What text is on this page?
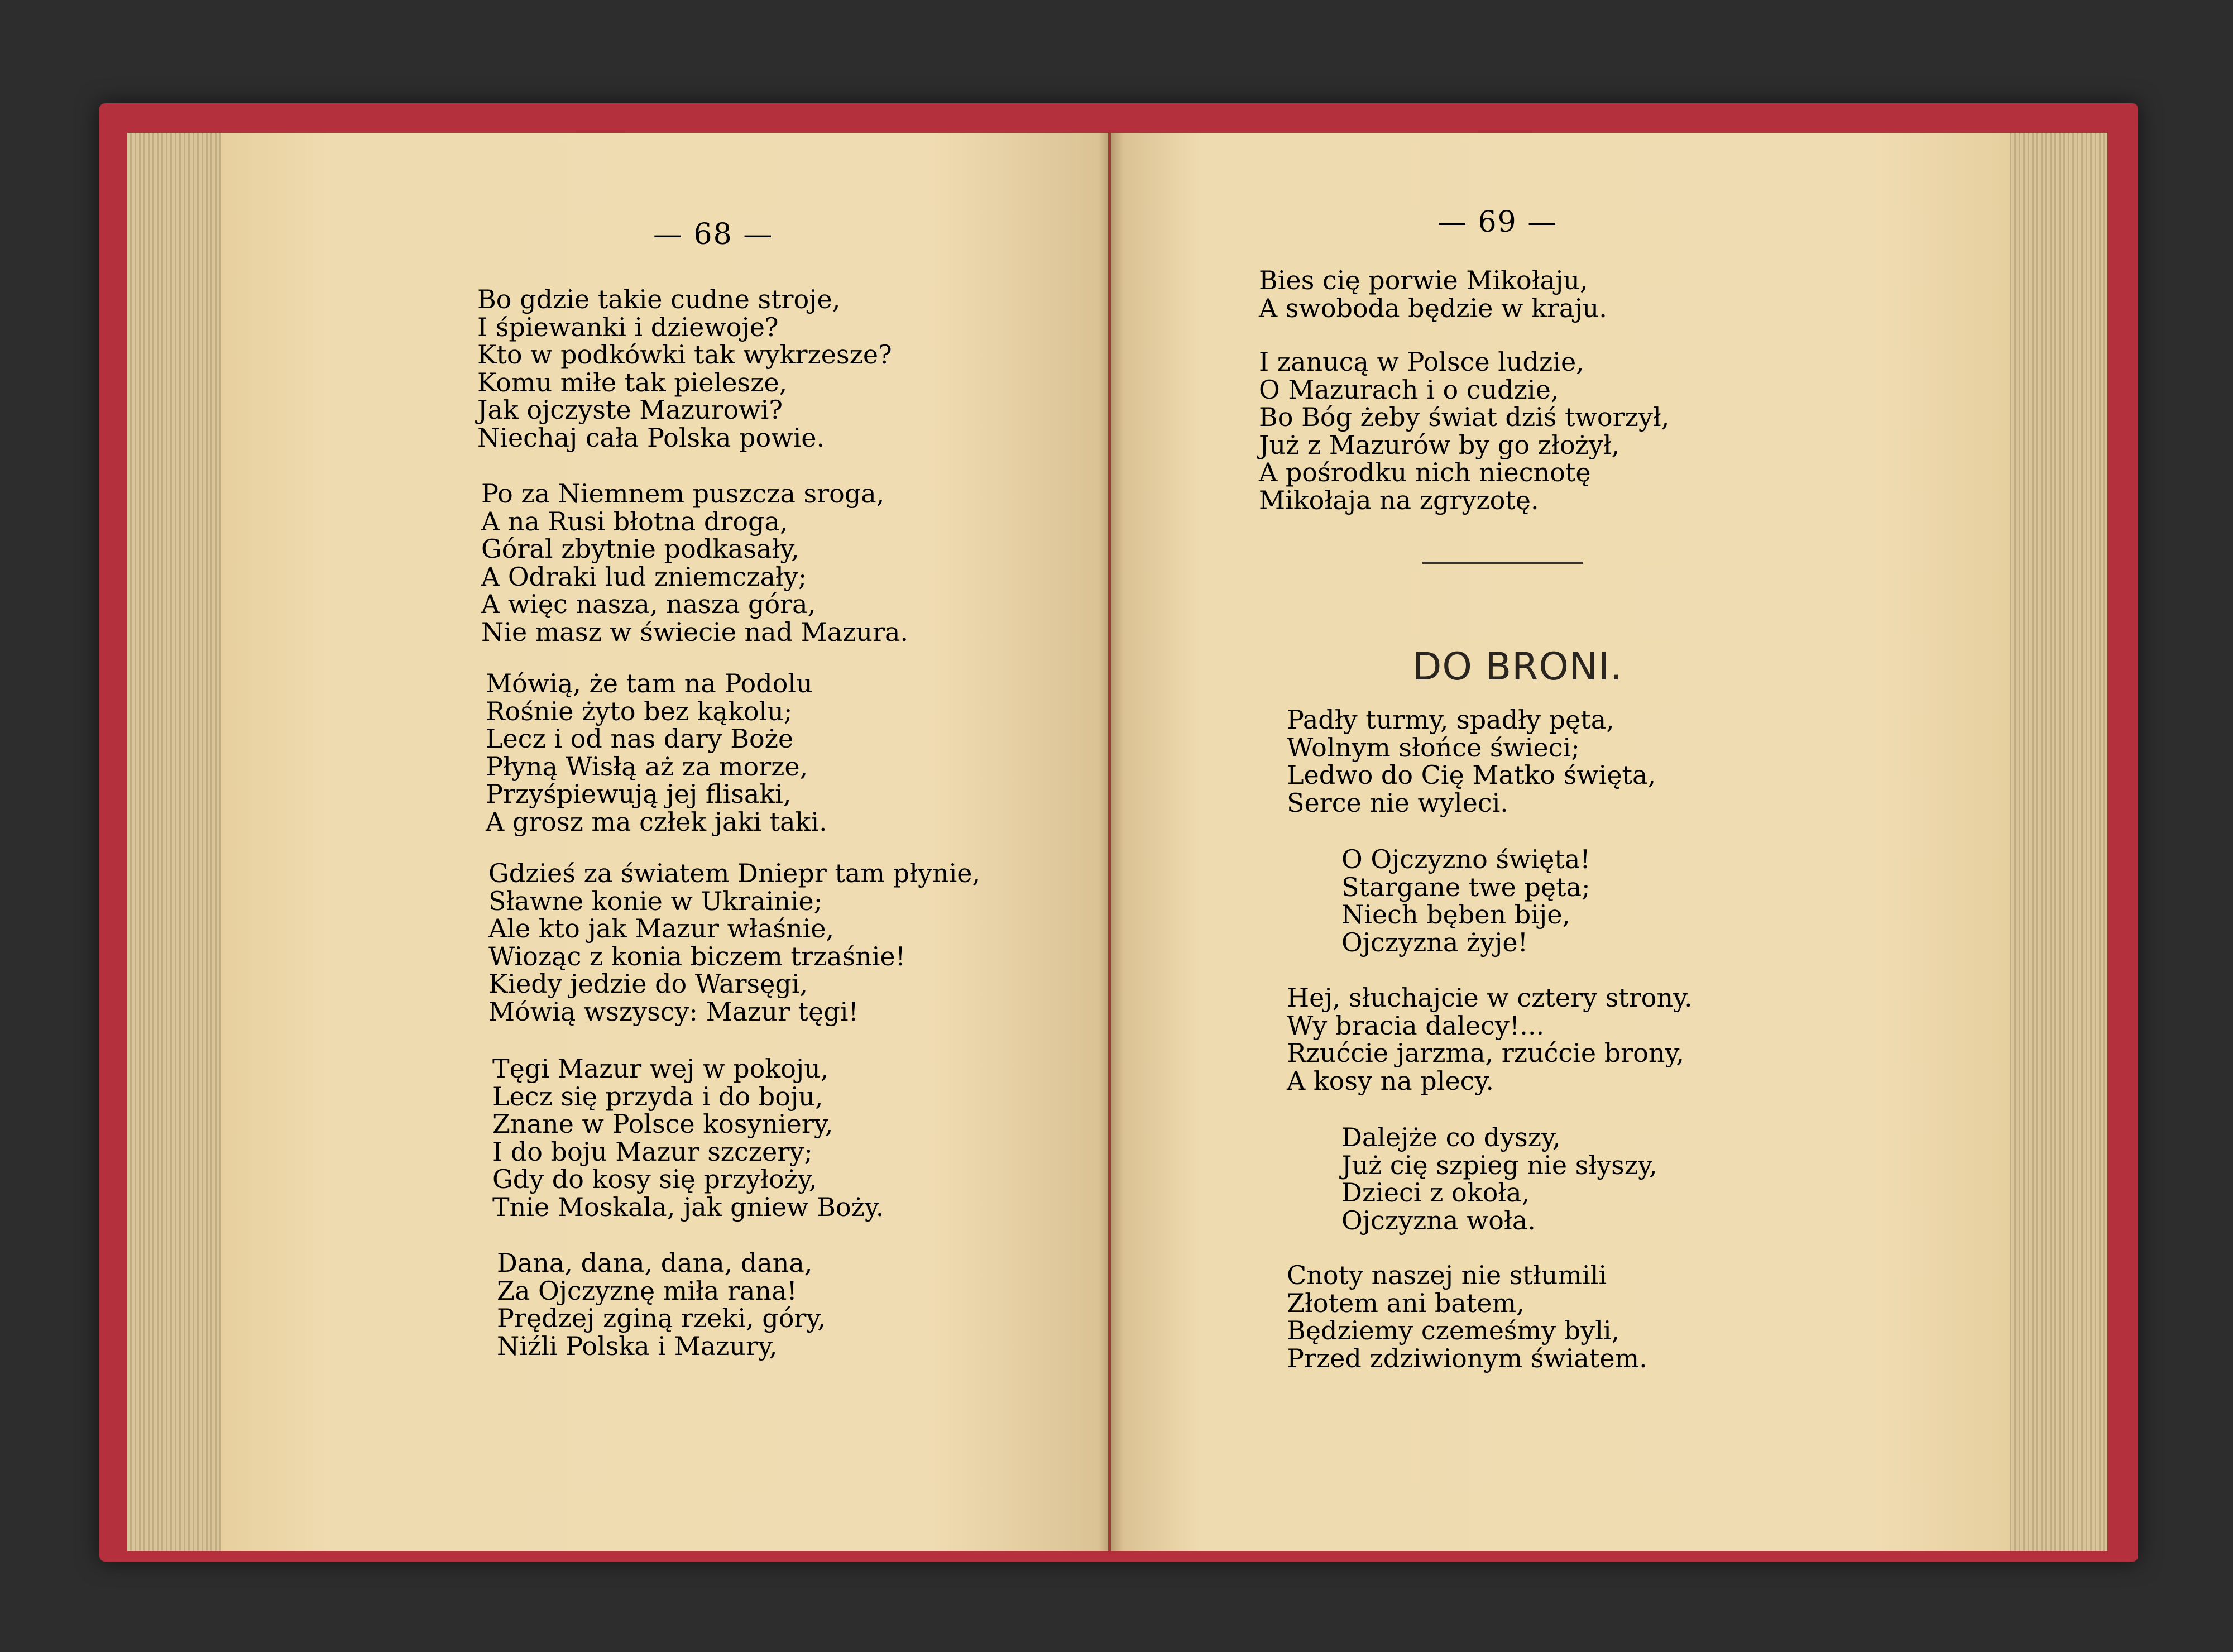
— 68 —
Bo gdzie takie cudne stroje,
I śpiewanki i dziewoje?
Kto w podkówki tak wykrzesze?
Komu miłe tak pielesze,
Jak ojczyste Mazurowi?
Niechaj cała Polska powie.
Po za Niemnem puszcza sroga,
A na Rusi błotna droga,
Góral zbytnie podkasały,
A Odraki lud zniemczały;
A więc nasza, nasza góra,
Nie masz w świecie nad Mazura.
Mówią, że tam na Podolu
Rośnie żyto bez kąkolu;
Lecz i od nas dary Boże
Płyną Wisłą aż za morze,
Przyśpiewują jej flisaki,
A grosz ma człek jaki taki.
Gdzieś za światem Dniepr tam płynie,
Sławne konie w Ukrainie;
Ale kto jak Mazur właśnie,
Wioząc z konia biczem trzaśnie!
Kiedy jedzie do Warsęgi,
Mówią wszyscy: Mazur tęgi!
Tęgi Mazur wej w pokoju,
Lecz się przyda i do boju,
Znane w Polsce kosyniery,
I do boju Mazur szczery;
Gdy do kosy się przyłoży,
Tnie Moskala, jak gniew Boży.
Dana, dana, dana, dana,
Za Ojczyznę miła rana!
Prędzej zginą rzeki, góry,
Niźli Polska i Mazury,
— 69 —
Bies cię porwie Mikołaju,
A swoboda będzie w kraju.
I zanucą w Polsce ludzie,
O Mazurach i o cudzie,
Bo Bóg żeby świat dziś tworzył,
Już z Mazurów by go złożył,
A pośrodku nich niecnotę
Mikołaja na zgryzotę.
DO BRONI.
Padły turmy, spadły pęta,
Wolnym słońce świeci;
Ledwo do Cię Matko święta,
Serce nie wyleci.
O Ojczyzno święta!
Stargane twe pęta;
Niech bęben bije,
Ojczyzna żyje!
Hej, słuchajcie w cztery strony.
Wy bracia dalecy!...
Rzućcie jarzma, rzućcie brony,
A kosy na plecy.
Dalejże co dyszy,
Już cię szpieg nie słyszy,
Dzieci z okoła,
Ojczyzna woła.
Cnoty naszej nie stłumili
Złotem ani batem,
Będziemy czemeśmy byli,
Przed zdziwionym światem.
